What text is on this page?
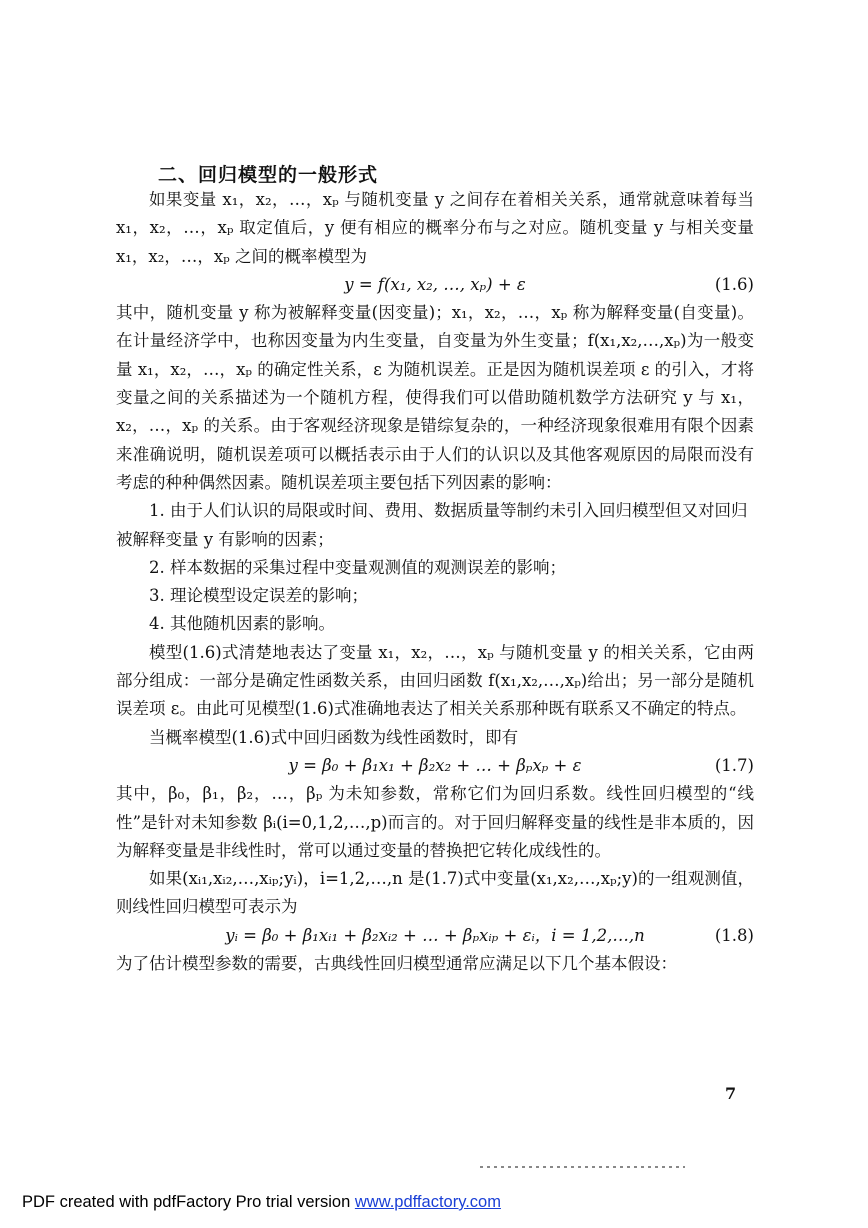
二、回归模型的一般形式

如果变量 x₁，x₂，…，xₚ 与随机变量 y 之间存在着相关关系，通常就意味着每当 x₁，x₂，…，xₚ 取定值后，y 便有相应的概率分布与之对应。随机变量 y 与相关变量 x₁，x₂，…，xₚ 之间的概率模型为

y = f(x₁, x₂, …, xₚ) + ε	(1.6)

其中，随机变量 y 称为被解释变量(因变量)；x₁，x₂，…，xₚ 称为解释变量(自变量)。在计量经济学中，也称因变量为内生变量，自变量为外生变量；f(x₁,x₂,…,xₚ)为一般变量 x₁，x₂，…，xₚ 的确定性关系，ε 为随机误差。正是因为随机误差项 ε 的引入，才将变量之间的关系描述为一个随机方程，使得我们可以借助随机数学方法研究 y 与 x₁，x₂，…，xₚ 的关系。由于客观经济现象是错综复杂的，一种经济现象很难用有限个因素来准确说明，随机误差项可以概括表示由于人们的认识以及其他客观原因的局限而没有考虑的种种偶然因素。随机误差项主要包括下列因素的影响：

1. 由于人们认识的局限或时间、费用、数据质量等制约未引入回归模型但又对回归被解释变量 y 有影响的因素；

2. 样本数据的采集过程中变量观测值的观测误差的影响；

3. 理论模型设定误差的影响；

4. 其他随机因素的影响。

模型(1.6)式清楚地表达了变量 x₁，x₂，…，xₚ 与随机变量 y 的相关关系，它由两部分组成：一部分是确定性函数关系，由回归函数 f(x₁,x₂,…,xₚ)给出；另一部分是随机误差项 ε。由此可见模型(1.6)式准确地表达了相关关系那种既有联系又不确定的特点。

当概率模型(1.6)式中回归函数为线性函数时，即有

y = β₀ + β₁x₁ + β₂x₂ + … + βₚxₚ + ε	(1.7)

其中，β₀，β₁，β₂，…，βₚ 为未知参数，常称它们为回归系数。线性回归模型的“线性”是针对未知参数 βᵢ(i=0,1,2,…,p)而言的。对于回归解释变量的线性是非本质的，因为解释变量是非线性时，常可以通过变量的替换把它转化成线性的。

如果(xᵢ₁,xᵢ₂,…,xᵢₚ;yᵢ)，i=1,2,…,n 是(1.7)式中变量(x₁,x₂,…,xₚ;y)的一组观测值，则线性回归模型可表示为

yᵢ = β₀ + β₁xᵢ₁ + β₂xᵢ₂ + … + βₚxᵢₚ + εᵢ，i = 1,2,…,n	(1.8)

为了估计模型参数的需要，古典线性回归模型通常应满足以下几个基本假设：

7
PDF created with pdfFactory Pro trial version www.pdffactory.com
